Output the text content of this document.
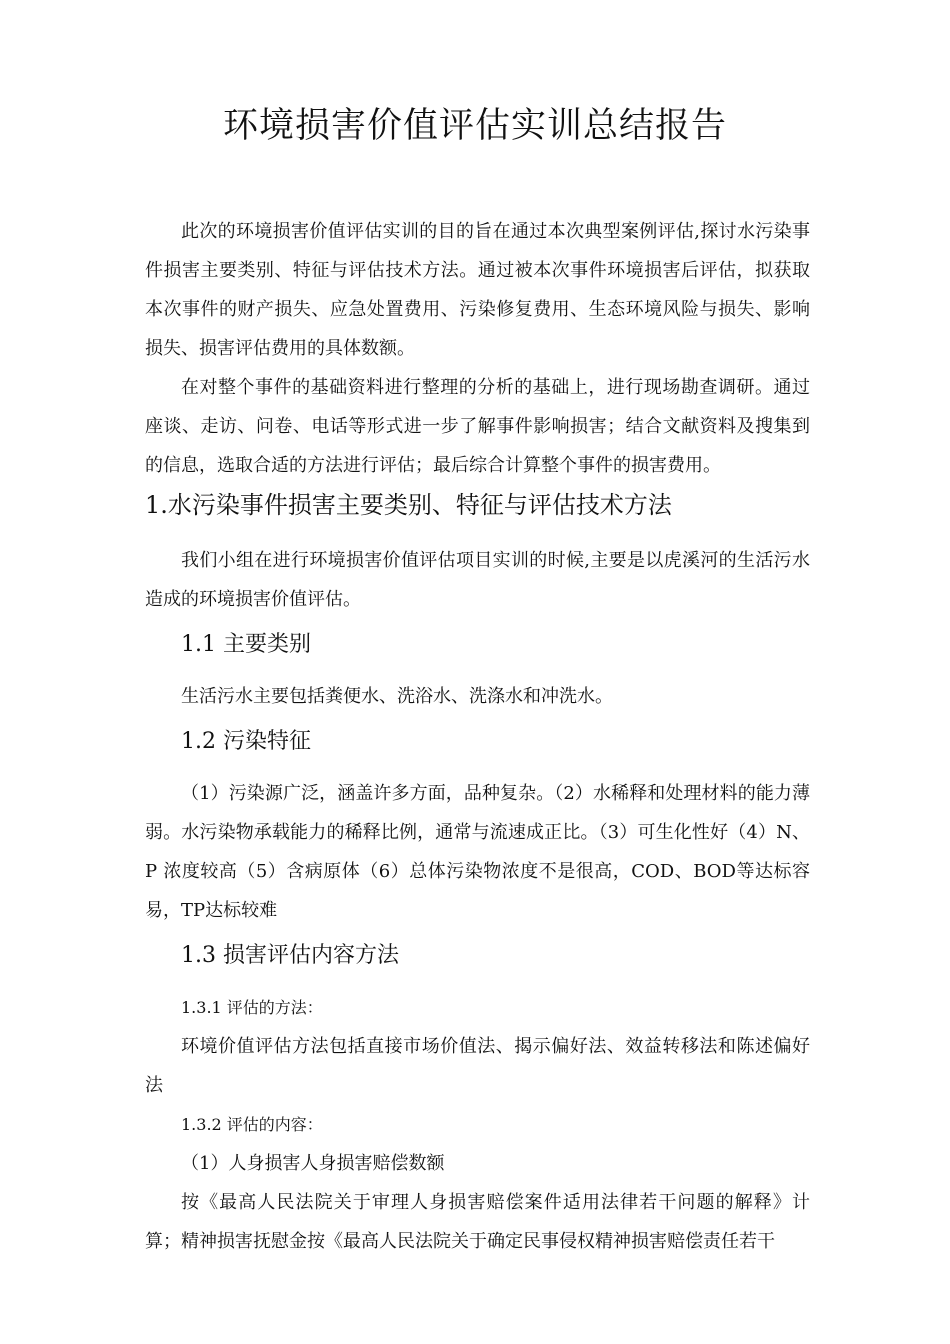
环境损害价值评估实训总结报告

此次的环境损害价值评估实训的目的旨在通过本次典型案例评估,探讨水污染事件损害主要类别、特征与评估技术方法。通过被本次事件环境损害后评估，拟获取本次事件的财产损失、应急处置费用、污染修复费用、生态环境风险与损失、影响损失、损害评估费用的具体数额。

在对整个事件的基础资料进行整理的分析的基础上，进行现场勘查调研。通过座谈、走访、问卷、电话等形式进一步了解事件影响损害；结合文献资料及搜集到的信息，选取合适的方法进行评估；最后综合计算整个事件的损害费用。

1.水污染事件损害主要类别、特征与评估技术方法

我们小组在进行环境损害价值评估项目实训的时候,主要是以虎溪河的生活污水造成的环境损害价值评估。

1.1 主要类别

生活污水主要包括粪便水、洗浴水、洗涤水和冲洗水。

1.2 污染特征

（1）污染源广泛，涵盖许多方面，品种复杂。（2）水稀释和处理材料的能力薄弱。水污染物承载能力的稀释比例，通常与流速成正比。（3）可生化性好（4）N、P 浓度较高（5）含病原体（6）总体污染物浓度不是很高，COD、BOD等达标容易，TP达标较难

1.3 损害评估内容方法

1.3.1 评估的方法：

环境价值评估方法包括直接市场价值法、揭示偏好法、效益转移法和陈述偏好法

1.3.2 评估的内容：

（1）人身损害人身损害赔偿数额

按《最高人民法院关于审理人身损害赔偿案件适用法律若干问题的解释》计算；精神损害抚慰金按《最高人民法院关于确定民事侵权精神损害赔偿责任若干
